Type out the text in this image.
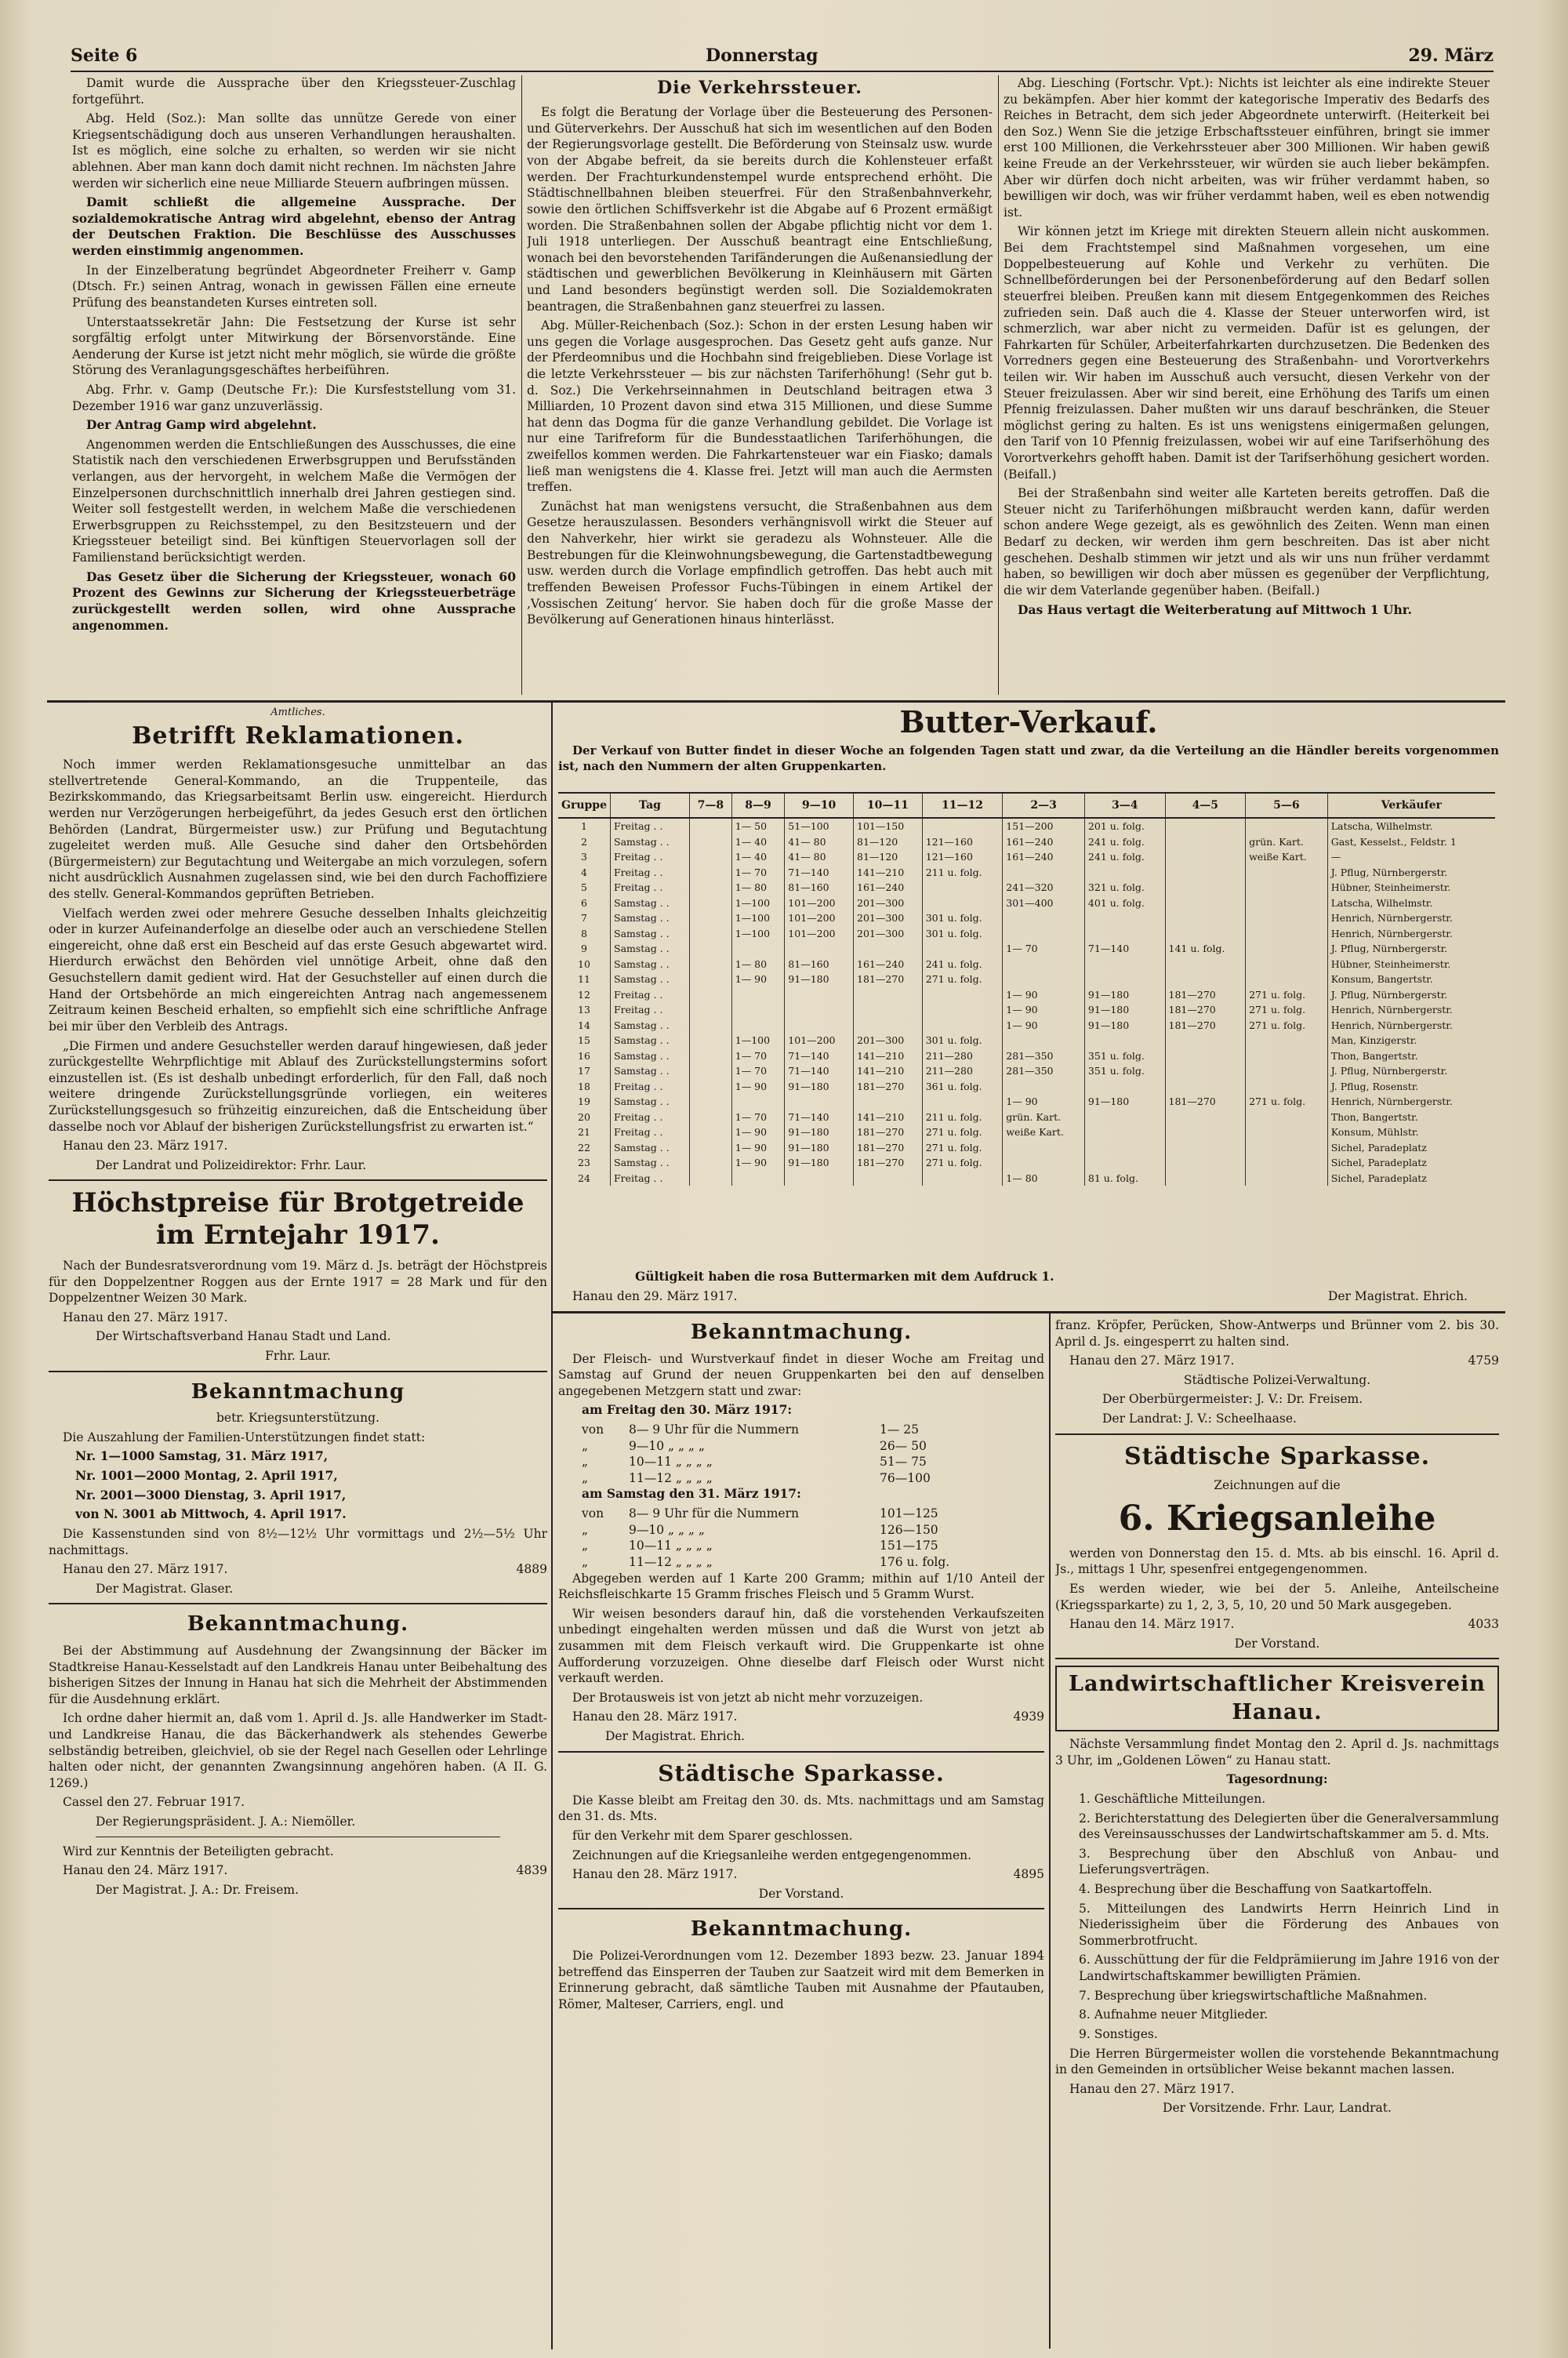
Seite 6	Donnerstag	29. März

Damit wurde die Aussprache über den Kriegssteuer-Zuschlag fortgeführt.

Abg. Held (Soz.): Man sollte das unnütze Gerede von einer Kriegsentschädigung doch aus unseren Verhandlungen heraushalten. Ist es möglich, eine solche zu erhalten, so werden wir sie nicht ablehnen. Aber man kann doch damit nicht rechnen. Im nächsten Jahre werden wir sicherlich eine neue Milliarde Steuern aufbringen müssen.

Damit schließt die allgemeine Aussprache. Der sozialdemokratische Antrag wird abgelehnt, ebenso der Antrag der Deutschen Fraktion. Die Beschlüsse des Ausschusses werden einstimmig angenommen.

In der Einzelberatung begründet Abgeordneter Freiherr v. Gamp (Dtsch. Fr.) seinen Antrag, wonach in gewissen Fällen eine erneute Prüfung des beanstandeten Kurses eintreten soll.

Unterstaatssekretär Jahn: Die Festsetzung der Kurse ist sehr sorgfältig erfolgt unter Mitwirkung der Börsenvorstände. Eine Aenderung der Kurse ist jetzt nicht mehr möglich, sie würde die größte Störung des Veranlagungsgeschäftes herbeiführen.

Abg. Frhr. v. Gamp (Deutsche Fr.): Die Kursfeststellung vom 31. Dezember 1916 war ganz unzuverlässig.

Der Antrag Gamp wird abgelehnt.

Angenommen werden die Entschließungen des Ausschusses, die eine Statistik nach den verschiedenen Erwerbsgruppen und Berufsständen verlangen, aus der hervorgeht, in welchem Maße die Vermögen der Einzelpersonen durchschnittlich innerhalb drei Jahren gestiegen sind. Weiter soll festgestellt werden, in welchem Maße die verschiedenen Erwerbsgruppen zu Reichsstempel, zu den Besitzsteuern und der Kriegssteuer beteiligt sind. Bei künftigen Steuervorlagen soll der Familienstand berücksichtigt werden.

Das Gesetz über die Sicherung der Kriegssteuer, wonach 60 Prozent des Gewinns zur Sicherung der Kriegssteuerbeträge zurückgestellt werden sollen, wird ohne Aussprache angenommen.

Die Verkehrssteuer.

Es folgt die Beratung der Vorlage über die Besteuerung des Personen- und Güterverkehrs. Der Ausschuß hat sich im wesentlichen auf den Boden der Regierungsvorlage gestellt. Die Beförderung von Steinsalz usw. wurde von der Abgabe befreit, da sie bereits durch die Kohlensteuer erfaßt werden. Der Frachturkundenstempel wurde entsprechend erhöht. Die Städtischnellbahnen bleiben steuerfrei. Für den Straßenbahnverkehr, sowie den örtlichen Schiffsverkehr ist die Abgabe auf 6 Prozent ermäßigt worden. Die Straßenbahnen sollen der Abgabe pflichtig nicht vor dem 1. Juli 1918 unterliegen. Der Ausschuß beantragt eine Entschließung, wonach bei den bevorstehenden Tarifänderungen die Außenansiedlung der städtischen und gewerblichen Bevölkerung in Kleinhäusern mit Gärten und Land besonders begünstigt werden soll. Die Sozialdemokraten beantragen, die Straßenbahnen ganz steuerfrei zu lassen.

Abg. Müller-Reichenbach (Soz.): Schon in der ersten Lesung haben wir uns gegen die Vorlage ausgesprochen. Das Gesetz geht aufs ganze. Nur der Pferdeomnibus und die Hochbahn sind freigeblieben. Diese Vorlage ist die letzte Verkehrssteuer — bis zur nächsten Tariferhöhung! (Sehr gut b. d. Soz.) Die Verkehrseinnahmen in Deutschland beitragen etwa 3 Milliarden, 10 Prozent davon sind etwa 315 Millionen, und diese Summe hat denn das Dogma für die ganze Verhandlung gebildet. Die Vorlage ist nur eine Tarifreform für die Bundesstaatlichen Tariferhöhungen, die zweifellos kommen werden. Die Fahrkartensteuer war ein Fiasko; damals ließ man wenigstens die 4. Klasse frei. Jetzt will man auch die Aermsten treffen.

Zunächst hat man wenigstens versucht, die Straßenbahnen aus dem Gesetze herauszulassen. Besonders verhängnisvoll wirkt die Steuer auf den Nahverkehr, hier wirkt sie geradezu als Wohnsteuer. Alle die Bestrebungen für die Kleinwohnungsbewegung, die Gartenstadtbewegung usw. werden durch die Vorlage empfindlich getroffen. Das hebt auch mit treffenden Beweisen Professor Fuchs-Tübingen in einem Artikel der ‚Vossischen Zeitung‘ hervor. Sie haben doch für die große Masse der Bevölkerung auf Generationen hinaus hinterlässt.

Abg. Liesching (Fortschr. Vpt.): Nichts ist leichter als eine indirekte Steuer zu bekämpfen. Aber hier kommt der kategorische Imperativ des Bedarfs des Reiches in Betracht, dem sich jeder Abgeordnete unterwirft. (Heiterkeit bei den Soz.) Wenn Sie die jetzige Erbschaftssteuer einführen, bringt sie immer erst 100 Millionen, die Verkehrssteuer aber 300 Millionen. Wir haben gewiß keine Freude an der Verkehrssteuer, wir würden sie auch lieber bekämpfen. Aber wir dürfen doch nicht arbeiten, was wir früher verdammt haben, so bewilligen wir doch, was wir früher verdammt haben, weil es eben notwendig ist.

Wir können jetzt im Kriege mit direkten Steuern allein nicht auskommen. Bei dem Frachtstempel sind Maßnahmen vorgesehen, um eine Doppelbesteuerung auf Kohle und Verkehr zu verhüten. Die Schnellbeförderungen bei der Personenbeförderung auf den Bedarf sollen steuerfrei bleiben. Preußen kann mit diesem Entgegenkommen des Reiches zufrieden sein. Daß auch die 4. Klasse der Steuer unterworfen wird, ist schmerzlich, war aber nicht zu vermeiden. Dafür ist es gelungen, der Fahrkarten für Schüler, Arbeiterfahrkarten durchzusetzen. Die Bedenken des Vorredners gegen eine Besteuerung des Straßenbahn- und Vorortverkehrs teilen wir. Wir haben im Ausschuß auch versucht, diesen Verkehr von der Steuer freizulassen. Aber wir sind bereit, eine Erhöhung des Tarifs um einen Pfennig freizulassen. Daher mußten wir uns darauf beschränken, die Steuer möglichst gering zu halten. Es ist uns wenigstens einigermaßen gelungen, den Tarif von 10 Pfennig freizulassen, wobei wir auf eine Tarifserhöhung des Vorortverkehrs gehofft haben. Damit ist der Tarifserhöhung gesichert worden. (Beifall.)

Bei der Straßenbahn sind weiter alle Karteten bereits getroffen. Daß die Steuer nicht zu Tariferhöhungen mißbraucht werden kann, dafür werden schon andere Wege gezeigt, als es gewöhnlich des Zeiten. Wenn man einen Bedarf zu decken, wir werden ihm gern beschreiten. Das ist aber nicht geschehen. Deshalb stimmen wir jetzt und als wir uns nun früher verdammt haben, so bewilligen wir doch aber müssen es gegenüber der Verpflichtung, die wir dem Vaterlande gegenüber haben. (Beifall.)

Das Haus vertagt die Weiterberatung auf Mittwoch 1 Uhr.

Amtliches.
Betrifft Reklamationen.

Noch immer werden Reklamationsgesuche unmittelbar an das stellvertretende General-Kommando, an die Truppenteile, das Bezirkskommando, das Kriegsarbeitsamt Berlin usw. eingereicht. Hierdurch werden nur Verzögerungen herbeigeführt, da jedes Gesuch erst den örtlichen Behörden (Landrat, Bürgermeister usw.) zur Prüfung und Begutachtung zugeleitet werden muß. Alle Gesuche sind daher den Ortsbehörden (Bürgermeistern) zur Begutachtung und Weitergabe an mich vorzulegen, sofern nicht ausdrücklich Ausnahmen zugelassen sind, wie bei den durch Fachoffiziere des stellv. General-Kommandos geprüften Betrieben.

Vielfach werden zwei oder mehrere Gesuche desselben Inhalts gleichzeitig oder in kurzer Aufeinanderfolge an dieselbe oder auch an verschiedene Stellen eingereicht, ohne daß erst ein Bescheid auf das erste Gesuch abgewartet wird. Hierdurch erwächst den Behörden viel unnötige Arbeit, ohne daß den Gesuchstellern damit gedient wird. Hat der Gesuchsteller auf einen durch die Hand der Ortsbehörde an mich eingereichten Antrag nach angemessenem Zeitraum keinen Bescheid erhalten, so empfiehlt sich eine schriftliche Anfrage bei mir über den Verbleib des Antrags.

„Die Firmen und andere Gesuchsteller werden darauf hingewiesen, daß jeder zurückgestellte Wehrpflichtige mit Ablauf des Zurückstellungstermins sofort einzustellen ist. (Es ist deshalb unbedingt erforderlich, für den Fall, daß noch weitere dringende Zurückstellungsgründe vorliegen, ein weiteres Zurückstellungsgesuch so frühzeitig einzureichen, daß die Entscheidung über dasselbe noch vor Ablauf der bisherigen Zurückstellungsfrist zu erwarten ist.“

Hanau den 23. März 1917.

Der Landrat und Polizeidirektor: Frhr. Laur.

Höchstpreise für Brotgetreide im Erntejahr 1917.

Nach der Bundesratsverordnung vom 19. März d. Js. beträgt der Höchstpreis für den Doppelzentner Roggen aus der Ernte 1917 = 28 Mark und für den Doppelzentner Weizen 30 Mark.

Hanau den 27. März 1917.

Der Wirtschaftsverband Hanau Stadt und Land.

Frhr. Laur.

Bekanntmachung

betr. Kriegsunterstützung.

Die Auszahlung der Familien-Unterstützungen findet statt:

Nr. 1—1000 Samstag, 31. März 1917,

Nr. 1001—2000 Montag, 2. April 1917,

Nr. 2001—3000 Dienstag, 3. April 1917,

von N. 3001 ab Mittwoch, 4. April 1917.

Die Kassenstunden sind von 8½—12½ Uhr vormittags und 2½—5½ Uhr nachmittags.

Hanau den 27. März 1917.	4889

Der Magistrat. Glaser.

Bekanntmachung.

Bei der Abstimmung auf Ausdehnung der Zwangsinnung der Bäcker im Stadtkreise Hanau-Kesselstadt auf den Landkreis Hanau unter Beibehaltung des bisherigen Sitzes der Innung in Hanau hat sich die Mehrheit der Abstimmenden für die Ausdehnung erklärt.

Ich ordne daher hiermit an, daß vom 1. April d. Js. alle Handwerker im Stadt- und Landkreise Hanau, die das Bäckerhandwerk als stehendes Gewerbe selbständig betreiben, gleichviel, ob sie der Regel nach Gesellen oder Lehrlinge halten oder nicht, der genannten Zwangsinnung angehören haben. (A II. G. 1269.)

Cassel den 27. Februar 1917.

Der Regierungspräsident. J. A.: Niemöller.

Wird zur Kenntnis der Beteiligten gebracht.

Hanau den 24. März 1917.	4839

Der Magistrat. J. A.: Dr. Freisem.

Butter-Verkauf.

Der Verkauf von Butter findet in dieser Woche an folgenden Tagen statt und zwar, da die Verteilung an die Händler bereits vorgenommen ist, nach den Nummern der alten Gruppenkarten.

Gruppe	Tag	7—8	8—9	9—10	10—11	11—12	2—3	3—4	4—5	5—6	Verkäufer
1	Freitag . .		1— 50	51—100	101—150		151—200	201 u. folg.			Latscha, Wilhelmstr.
2	Samstag . .		1— 40	41— 80	81—120	121—160	161—240	241 u. folg.		grün. Kart.	Gast, Kesselst., Feldstr. 1
3	Freitag . .		1— 40	41— 80	81—120	121—160	161—240	241 u. folg.		weiße Kart.	—
4	Freitag . .		1— 70	71—140	141—210	211 u. folg.					J. Pflug, Nürnbergerstr.
5	Freitag . .		1— 80	81—160	161—240		241—320	321 u. folg.			Hübner, Steinheimerstr.
6	Samstag . .		1—100	101—200	201—300		301—400	401 u. folg.			Latscha, Wilhelmstr.
7	Samstag . .		1—100	101—200	201—300	301 u. folg.					Henrich, Nürnbergerstr.
8	Samstag . .		1—100	101—200	201—300	301 u. folg.					Henrich, Nürnbergerstr.
9	Samstag . .						1— 70	71—140	141 u. folg.		J. Pflug, Nürnbergerstr.
10	Samstag . .		1— 80	81—160	161—240	241 u. folg.					Hübner, Steinheimerstr.
11	Samstag . .		1— 90	91—180	181—270	271 u. folg.					Konsum, Bangertstr.
12	Freitag . .						1— 90	91—180	181—270	271 u. folg.	J. Pflug, Nürnbergerstr.
13	Freitag . .						1— 90	91—180	181—270	271 u. folg.	Henrich, Nürnbergerstr.
14	Samstag . .						1— 90	91—180	181—270	271 u. folg.	Henrich, Nürnbergerstr.
15	Samstag . .		1—100	101—200	201—300	301 u. folg.					Man, Kinzigerstr.
16	Samstag . .		1— 70	71—140	141—210	211—280	281—350	351 u. folg.			Thon, Bangertstr.
17	Samstag . .		1— 70	71—140	141—210	211—280	281—350	351 u. folg.			J. Pflug, Nürnbergerstr.
18	Freitag . .		1— 90	91—180	181—270	361 u. folg.					J. Pflug, Rosenstr.
19	Samstag . .						1— 90	91—180	181—270	271 u. folg.	Henrich, Nürnbergerstr.
20	Freitag . .		1— 70	71—140	141—210	211 u. folg.	grün. Kart.				Thon, Bangertstr.
21	Freitag . .		1— 90	91—180	181—270	271 u. folg.	weiße Kart.				Konsum, Mühlstr.
22	Samstag . .		1— 90	91—180	181—270	271 u. folg.					Sichel, Paradeplatz
23	Samstag . .		1— 90	91—180	181—270	271 u. folg.					Sichel, Paradeplatz
24	Freitag . .						1— 80	81 u. folg.			Sichel, Paradeplatz

Gültigkeit haben die rosa Buttermarken mit dem Aufdruck 1.

Hanau den 29. März 1917.	Der Magistrat. Ehrich.

Bekanntmachung.

Der Fleisch- und Wurstverkauf findet in dieser Woche am Freitag und Samstag auf Grund der neuen Gruppenkarten bei den auf denselben angegebenen Metzgern statt und zwar:

am Freitag den 30. März 1917:

von 8— 9 Uhr für die Nummern	1— 25

„	9—10 „ „ „ „	26— 50

„	10—11 „ „ „ „	51— 75

„	11—12 „ „ „ „	76—100

am Samstag den 31. März 1917:

von 8— 9 Uhr für die Nummern	101—125

„	9—10 „ „ „ „	126—150

„	10—11 „ „ „ „	151—175

„	11—12 „ „ „ „	176 u. folg.

Abgegeben werden auf 1 Karte 200 Gramm; mithin auf 1/10 Anteil der Reichsfleischkarte 15 Gramm frisches Fleisch und 5 Gramm Wurst.

Wir weisen besonders darauf hin, daß die vorstehenden Verkaufszeiten unbedingt eingehalten werden müssen und daß die Wurst von jetzt ab zusammen mit dem Fleisch verkauft wird. Die Gruppenkarte ist ohne Aufforderung vorzuzeigen. Ohne dieselbe darf Fleisch oder Wurst nicht verkauft werden.

Der Brotausweis ist von jetzt ab nicht mehr vorzuzeigen.

Hanau den 28. März 1917.	4939

Der Magistrat. Ehrich.

Städtische Sparkasse.

Die Kasse bleibt am Freitag den 30. ds. Mts. nachmittags und am Samstag den 31. ds. Mts.

für den Verkehr mit dem Sparer geschlossen.

Zeichnungen auf die Kriegsanleihe werden entgegengenommen.

Hanau den 28. März 1917.	4895

Der Vorstand.

Bekanntmachung.

Die Polizei-Verordnungen vom 12. Dezember 1893 bezw. 23. Januar 1894 betreffend das Einsperren der Tauben zur Saatzeit wird mit dem Bemerken in Erinnerung gebracht, daß sämtliche Tauben mit Ausnahme der Pfautauben, Römer, Malteser, Carriers, engl. und

franz. Kröpfer, Perücken, Show-Antwerps und Brünner vom 2. bis 30. April d. Js. eingesperrt zu halten sind.

Hanau den 27. März 1917.	4759

Städtische Polizei-Verwaltung.

Der Oberbürgermeister: J. V.: Dr. Freisem.

Der Landrat: J. V.: Scheelhaase.

Städtische Sparkasse.

Zeichnungen auf die

6. Kriegsanleihe

werden von Donnerstag den 15. d. Mts. ab bis einschl. 16. April d. Js., mittags 1 Uhr, spesenfrei entgegengenommen.

Es werden wieder, wie bei der 5. Anleihe, Anteilscheine (Kriegssparkarte) zu 1, 2, 3, 5, 10, 20 und 50 Mark ausgegeben.

Hanau den 14. März 1917.	4033

Der Vorstand.

Landwirtschaftlicher Kreisverein Hanau.

Nächste Versammlung findet Montag den 2. April d. Js. nachmittags 3 Uhr, im „Goldenen Löwen“ zu Hanau statt.

Tagesordnung:

1. Geschäftliche Mitteilungen.

2. Berichterstattung des Delegierten über die Generalversammlung des Vereinsausschusses der Landwirtschaftskammer am 5. d. Mts.

3. Besprechung über den Abschluß von Anbau- und Lieferungsverträgen.

4. Besprechung über die Beschaffung von Saatkartoffeln.

5. Mitteilungen des Landwirts Herrn Heinrich Lind in Niederissigheim über die Förderung des Anbaues von Sommerbrotfrucht.

6. Ausschüttung der für die Feldprämiierung im Jahre 1916 von der Landwirtschaftskammer bewilligten Prämien.

7. Besprechung über kriegswirtschaftliche Maßnahmen.

8. Aufnahme neuer Mitglieder.

9. Sonstiges.

Die Herren Bürgermeister wollen die vorstehende Bekanntmachung in den Gemeinden in ortsüblicher Weise bekannt machen lassen.

Hanau den 27. März 1917.

Der Vorsitzende. Frhr. Laur, Landrat.
